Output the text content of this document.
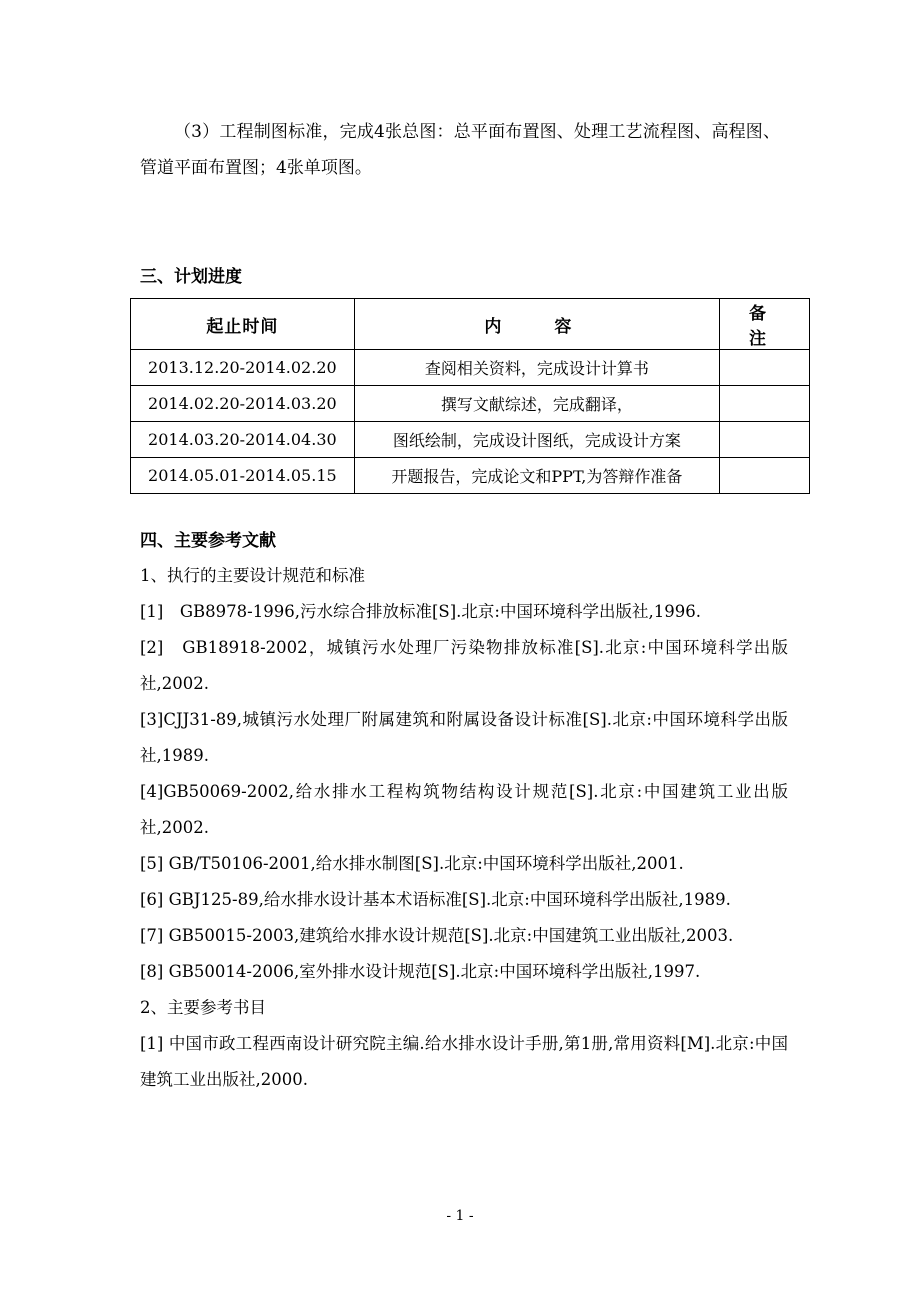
（3）工程制图标准，完成4张总图：总平面布置图、处理工艺流程图、高程图、管道平面布置图；4张单项图。
三、计划进度
起止时间	内　容	备　注
2013.12.20-2014.02.20	查阅相关资料，完成设计计算书	
2014.02.20-2014.03.20	撰写文献综述，完成翻译，	
2014.03.20-2014.04.30	图纸绘制，完成设计图纸，完成设计方案	
2014.05.01-2014.05.15	开题报告，完成论文和PPT,为答辩作准备	
四、主要参考文献
1、执行的主要设计规范和标准
[1]　GB8978-1996,污水综合排放标准[S].北京:中国环境科学出版社,1996.
[2]　GB18918-2002，城镇污水处理厂污染物排放标准[S].北京:中国环境科学出版社,2002.
[3]CJJ31-89,城镇污水处理厂附属建筑和附属设备设计标准[S].北京:中国环境科学出版社,1989.
[4]GB50069-2002,给水排水工程构筑物结构设计规范[S].北京:中国建筑工业出版社,2002.
[5] GB/T50106-2001,给水排水制图[S].北京:中国环境科学出版社,2001.
[6] GBJ125-89,给水排水设计基本术语标准[S].北京:中国环境科学出版社,1989.
[7] GB50015-2003,建筑给水排水设计规范[S].北京:中国建筑工业出版社,2003.
[8] GB50014-2006,室外排水设计规范[S].北京:中国环境科学出版社,1997.
2、主要参考书目
[1] 中国市政工程西南设计研究院主编.给水排水设计手册,第1册,常用资料[M].北京:中国建筑工业出版社,2000.
- 1 -
